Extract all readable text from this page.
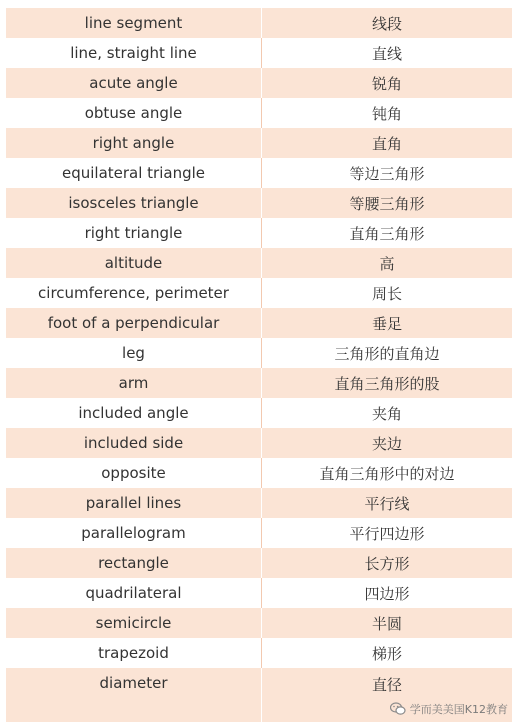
line segment	线段
line, straight line	直线
acute angle	锐角
obtuse angle	钝角
right angle	直角
equilateral triangle	等边三角形
isosceles triangle	等腰三角形
right triangle	直角三角形
altitude	高
circumference, perimeter	周长
foot of a perpendicular	垂足
leg	三角形的直角边
arm	直角三角形的股
included angle	夹角
included side	夹边
opposite	直角三角形中的对边
parallel lines	平行线
parallelogram	平行四边形
rectangle	长方形
quadrilateral	四边形
semicircle	半圆
trapezoid	梯形
diameter	直径
学而美美国K12教育
